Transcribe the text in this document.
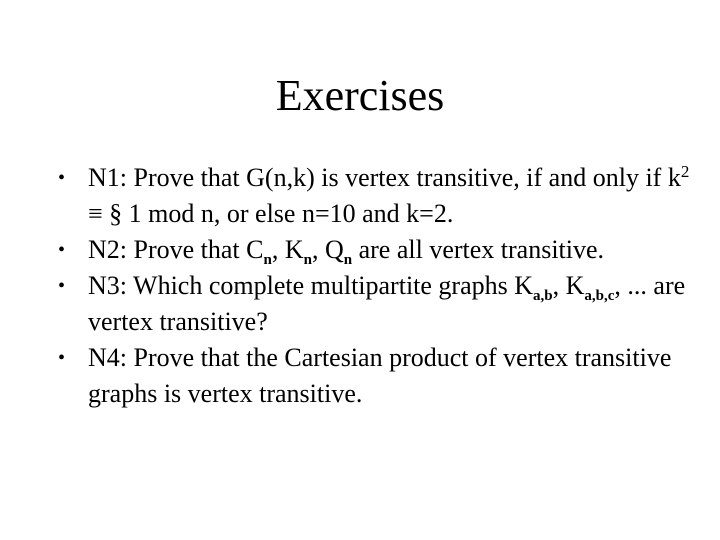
Exercises
• N1: Prove that G(n,k) is vertex transitive, if and only if $k^2$ ≡ § 1 mod n, or else n=10 and k=2.
• N2: Prove that $C_n$, $K_n$, $Q_n$ are all vertex transitive.
• N3: Which complete multipartite graphs $K_{a,b}$, $K_{a,b,c}$, ... are vertex transitive?
• N4: Prove that the Cartesian product of vertex transitive graphs is vertex transitive.
